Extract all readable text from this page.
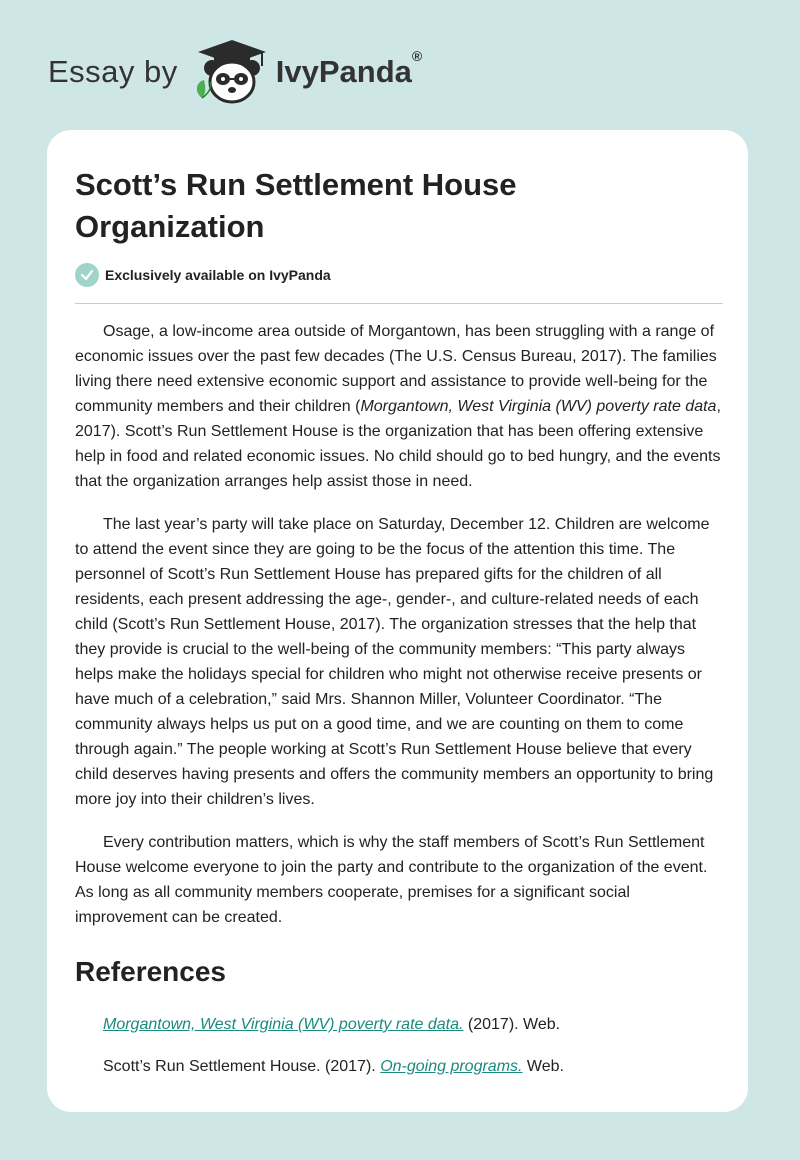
Essay by	IvyPanda®
Scott’s Run Settlement House Organization
Exclusively available on IvyPanda

Osage, a low-income area outside of Morgantown, has been struggling with a range of economic issues over the past few decades (The U.S. Census Bureau, 2017). The families living there need extensive economic support and assistance to provide well-being for the community members and their children (Morgantown, West Virginia (WV) poverty rate data, 2017). Scott’s Run Settlement House is the organization that has been offering extensive help in food and related economic issues. No child should go to bed hungry, and the events that the organization arranges help assist those in need.

The last year’s party will take place on Saturday, December 12. Children are welcome to attend the event since they are going to be the focus of the attention this time. The personnel of Scott’s Run Settlement House has prepared gifts for the children of all residents, each present addressing the age-, gender-, and culture-related needs of each child (Scott’s Run Settlement House, 2017). The organization stresses that the help that they provide is crucial to the well-being of the community members: “This party always helps make the holidays special for children who might not otherwise receive presents or have much of a celebration,” said Mrs. Shannon Miller, Volunteer Coordinator. “The community always helps us put on a good time, and we are counting on them to come through again.” The people working at Scott’s Run Settlement House believe that every child deserves having presents and offers the community members an opportunity to bring more joy into their children’s lives.

Every contribution matters, which is why the staff members of Scott’s Run Settlement House welcome everyone to join the party and contribute to the organization of the event. As long as all community members cooperate, premises for a significant social improvement can be created.

References
Morgantown, West Virginia (WV) poverty rate data. (2017). Web.
Scott’s Run Settlement House. (2017). On-going programs. Web.
